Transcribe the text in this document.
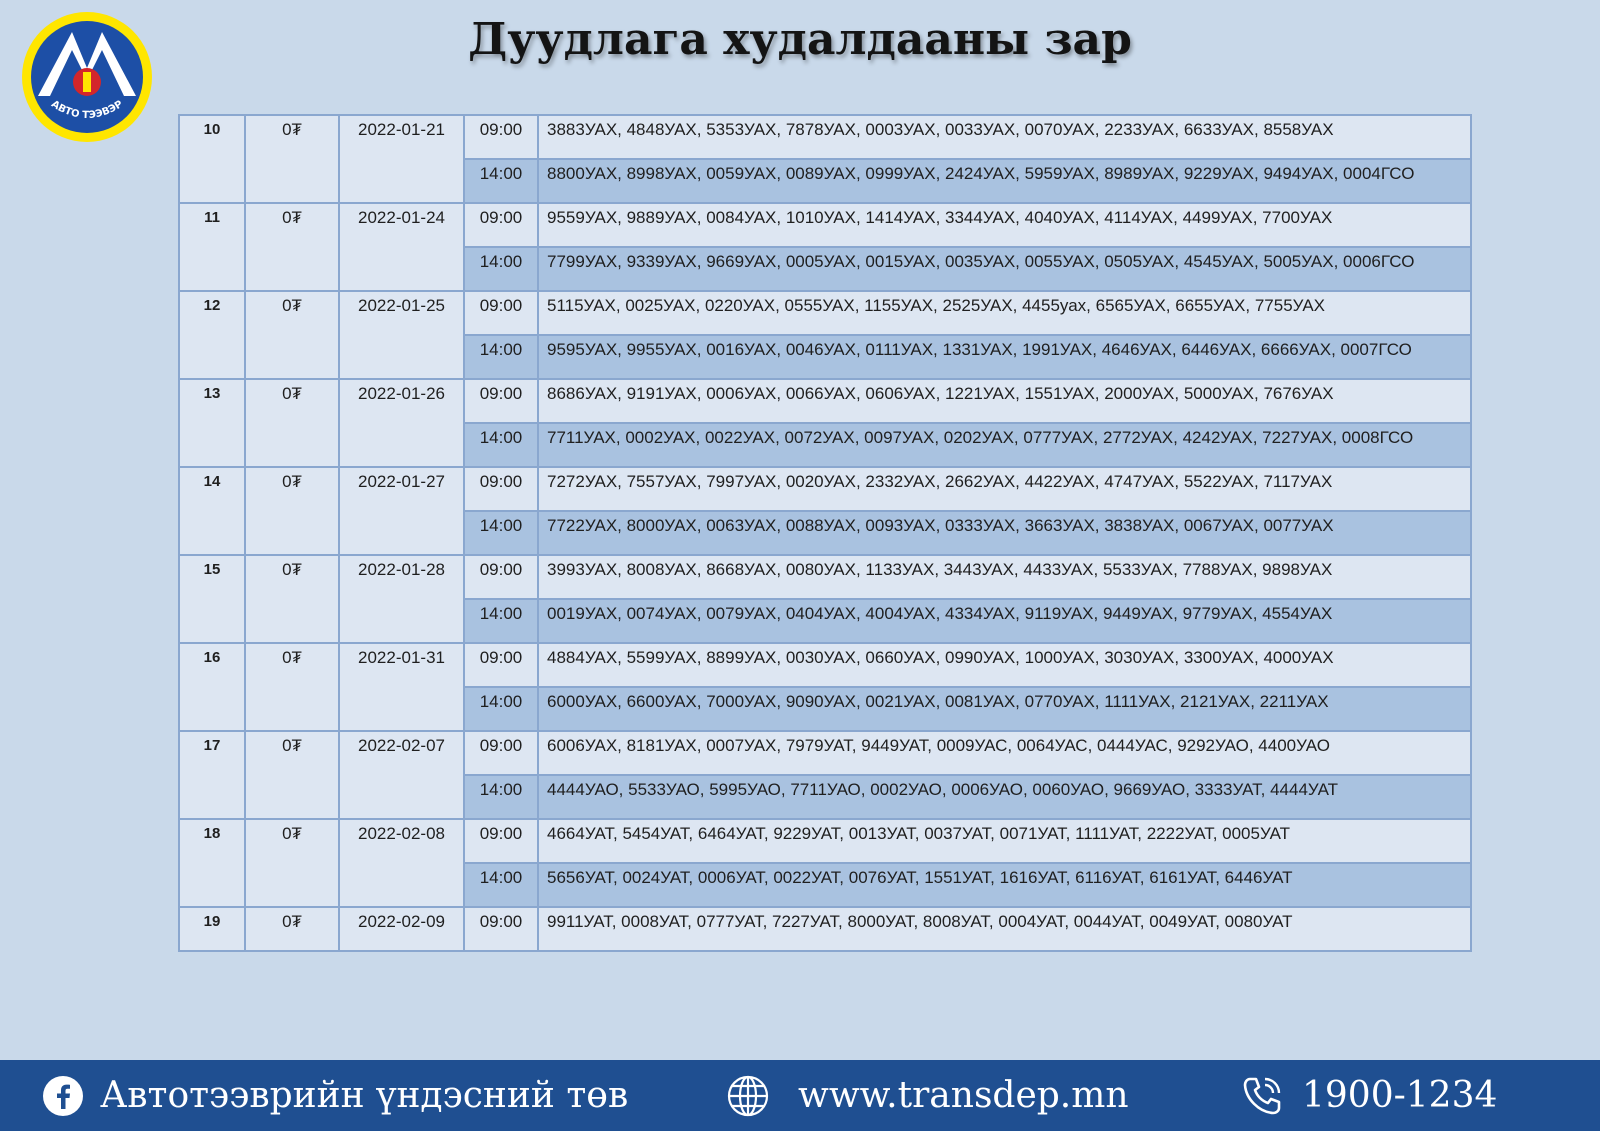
АВТО ТЭЭВЭР
Дуудлага худалдааны зар
10	0₮	2022-01-21	09:00	3883УАХ, 4848УАХ, 5353УАХ, 7878УАХ, 0003УАХ, 0033УАХ, 0070УАХ, 2233УАХ, 6633УАХ, 8558УАХ
			14:00	8800УАХ, 8998УАХ, 0059УАХ, 0089УАХ, 0999УАХ, 2424УАХ, 5959УАХ, 8989УАХ, 9229УАХ, 9494УАХ, 0004ГСО
11	0₮	2022-01-24	09:00	9559УАХ, 9889УАХ, 0084УАХ, 1010УАХ, 1414УАХ, 3344УАХ, 4040УАХ, 4114УАХ, 4499УАХ, 7700УАХ
			14:00	7799УАХ, 9339УАХ, 9669УАХ, 0005УАХ, 0015УАХ, 0035УАХ, 0055УАХ, 0505УАХ, 4545УАХ, 5005УАХ, 0006ГСО
12	0₮	2022-01-25	09:00	5115УАХ, 0025УАХ, 0220УАХ, 0555УАХ, 1155УАХ, 2525УАХ, 4455уах, 6565УАХ, 6655УАХ, 7755УАХ
			14:00	9595УАХ, 9955УАХ, 0016УАХ, 0046УАХ, 0111УАХ, 1331УАХ, 1991УАХ, 4646УАХ, 6446УАХ, 6666УАХ, 0007ГСО
13	0₮	2022-01-26	09:00	8686УАХ, 9191УАХ, 0006УАХ, 0066УАХ, 0606УАХ, 1221УАХ, 1551УАХ, 2000УАХ, 5000УАХ, 7676УАХ
			14:00	7711УАХ, 0002УАХ, 0022УАХ, 0072УАХ, 0097УАХ, 0202УАХ, 0777УАХ, 2772УАХ, 4242УАХ, 7227УАХ, 0008ГСО
14	0₮	2022-01-27	09:00	7272УАХ, 7557УАХ, 7997УАХ, 0020УАХ, 2332УАХ, 2662УАХ, 4422УАХ, 4747УАХ, 5522УАХ, 7117УАХ
			14:00	7722УАХ, 8000УАХ, 0063УАХ, 0088УАХ, 0093УАХ, 0333УАХ, 3663УАХ, 3838УАХ, 0067УАХ, 0077УАХ
15	0₮	2022-01-28	09:00	3993УАХ, 8008УАХ, 8668УАХ, 0080УАХ, 1133УАХ, 3443УАХ, 4433УАХ, 5533УАХ, 7788УАХ, 9898УАХ
			14:00	0019УАХ, 0074УАХ, 0079УАХ, 0404УАХ, 4004УАХ, 4334УАХ, 9119УАХ, 9449УАХ, 9779УАХ, 4554УАХ
16	0₮	2022-01-31	09:00	4884УАХ, 5599УАХ, 8899УАХ, 0030УАХ, 0660УАХ, 0990УАХ, 1000УАХ, 3030УАХ, 3300УАХ, 4000УАХ
			14:00	6000УАХ, 6600УАХ, 7000УАХ, 9090УАХ, 0021УАХ, 0081УАХ, 0770УАХ, 1111УАХ, 2121УАХ, 2211УАХ
17	0₮	2022-02-07	09:00	6006УАХ, 8181УАХ, 0007УАХ, 7979УАТ, 9449УАТ, 0009УАС, 0064УАС, 0444УАС, 9292УАО, 4400УАО
			14:00	4444УАО, 5533УАО, 5995УАО, 7711УАО, 0002УАО, 0006УАО, 0060УАО, 9669УАО, 3333УАТ, 4444УАТ
18	0₮	2022-02-08	09:00	4664УАТ, 5454УАТ, 6464УАТ, 9229УАТ, 0013УАТ, 0037УАТ, 0071УАТ, 1111УАТ, 2222УАТ, 0005УАТ
			14:00	5656УАТ, 0024УАТ, 0006УАТ, 0022УАТ, 0076УАТ, 1551УАТ, 1616УАТ, 6116УАТ, 6161УАТ, 6446УАТ
19	0₮	2022-02-09	09:00	9911УАТ, 0008УАТ, 0777УАТ, 7227УАТ, 8000УАТ, 8008УАТ, 0004УАТ, 0044УАТ, 0049УАТ, 0080УАТ
Автотээврийн үндэсний төв	www.transdep.mn	1900-1234
